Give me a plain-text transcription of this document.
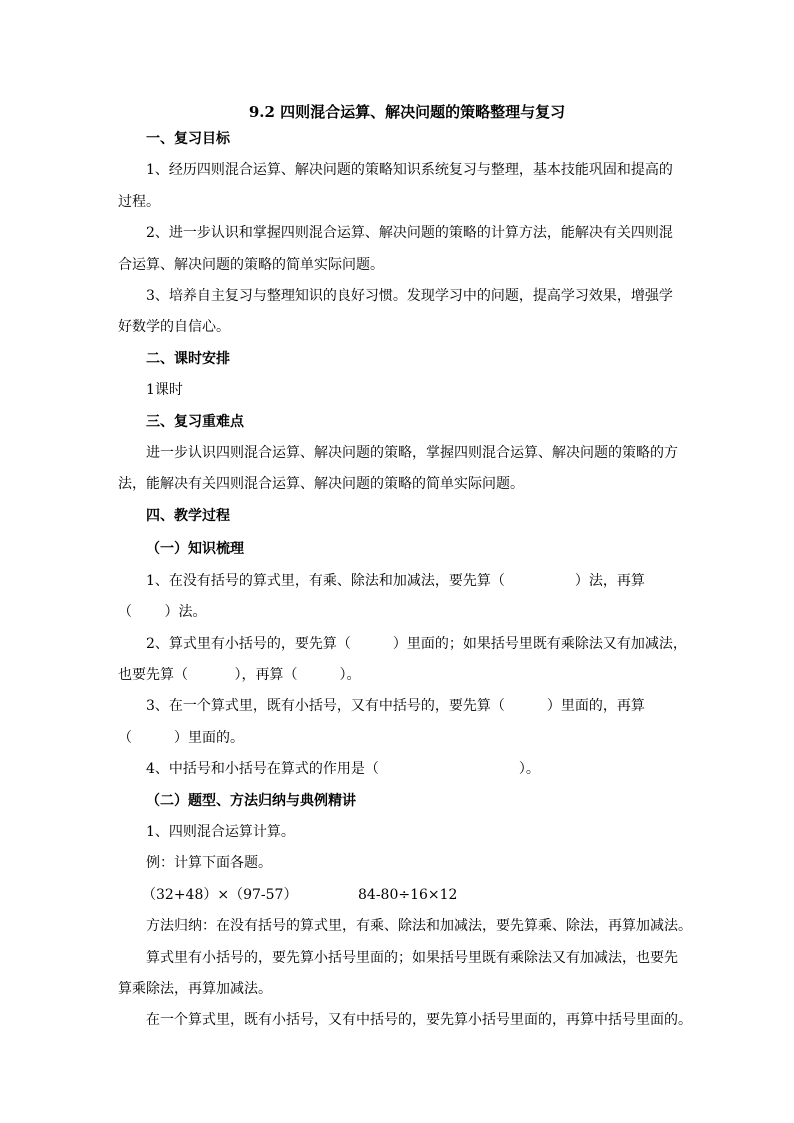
9.2 四则混合运算、解决问题的策略整理与复习

一、复习目标

1、经历四则混合运算、解决问题的策略知识系统复习与整理，基本技能巩固和提高的

过程。

2、进一步认识和掌握四则混合运算、解决问题的策略的计算方法，能解决有关四则混

合运算、解决问题的策略的简单实际问题。

3、培养自主复习与整理知识的良好习惯。发现学习中的问题，提高学习效果，增强学

好数学的自信心。

二、课时安排

1课时

三、复习重难点

进一步认识四则混合运算、解决问题的策略，掌握四则混合运算、解决问题的策略的方

法，能解决有关四则混合运算、解决问题的策略的简单实际问题。

四、教学过程

（一）知识梳理

1、在没有括号的算式里，有乘、除法和加减法，要先算（　　　　　）法，再算

（　　 ）法。

2、算式里有小括号的，要先算（　　　）里面的；如果括号里既有乘除法又有加减法，

也要先算（　　　 ），再算（　　　）。

3、在一个算式里，既有小括号，又有中括号的，要先算（　　　）里面的，再算

（　　　）里面的。

4、中括号和小括号在算式的作用是（　　　　　　　　　　）。

（二）题型、方法归纳与典例精讲

1、四则混合运算计算。

例：计算下面各题。

（32+48）×（97-57）	84-80÷16×12

方法归纳：在没有括号的算式里，有乘、除法和加减法，要先算乘、除法，再算加减法。

算式里有小括号的，要先算小括号里面的；如果括号里既有乘除法又有加减法，也要先

算乘除法，再算加减法。

在一个算式里，既有小括号，又有中括号的，要先算小括号里面的，再算中括号里面的。
